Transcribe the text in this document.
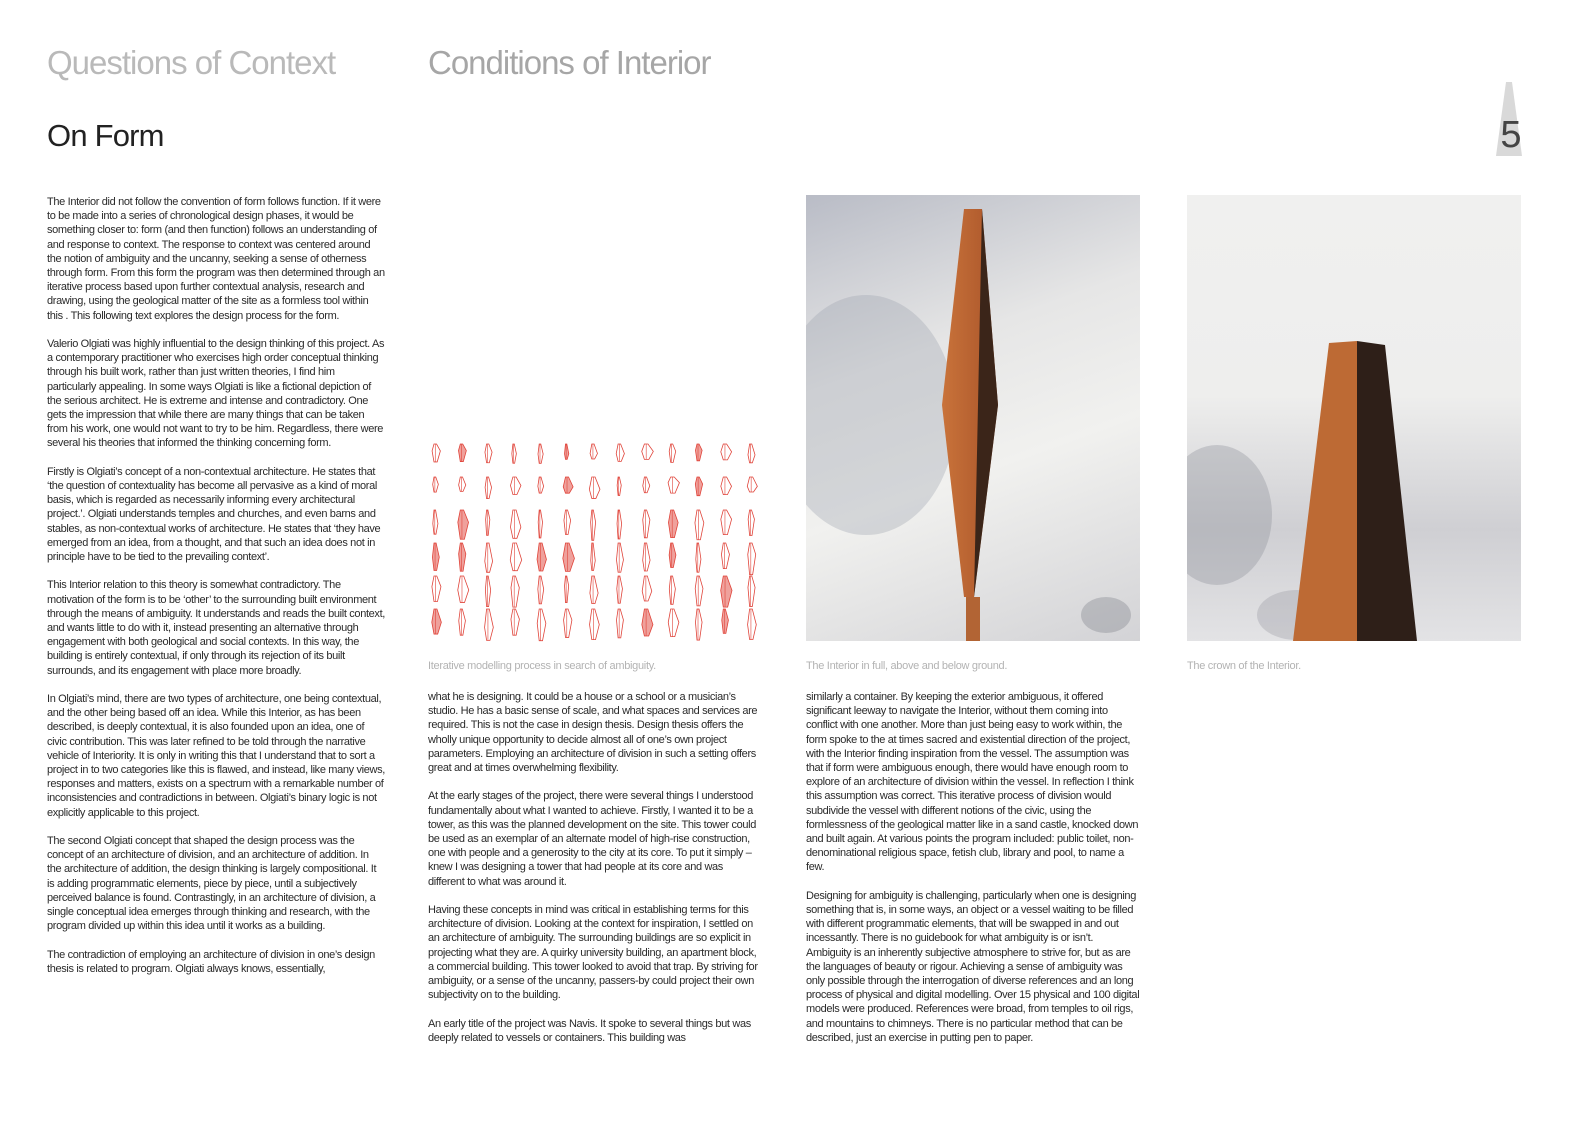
Questions of Context	Conditions of Interior
On Form	5

The Interior did not follow the convention of form follows function. If it were to be made into a series of chronological design phases, it would be something closer to: form (and then function) follows an understanding of and response to context. The response to context was centered around the notion of ambiguity and the uncanny, seeking a sense of otherness through form. From this form the program was then determined through an iterative process based upon further contextual analysis, research and drawing, using the geological matter of the site as a formless tool within this . This following text explores the design process for the form.

Valerio Olgiati was highly influential to the design thinking of this project. As a contemporary practitioner who exercises high order conceptual thinking through his built work, rather than just written theories, I find him particularly appealing. In some ways Olgiati is like a fictional depiction of the serious architect. He is extreme and intense and contradictory. One gets the impression that while there are many things that can be taken from his work, one would not want to try to be him. Regardless, there were several his theories that informed the thinking concerning form.

Firstly is Olgiati’s concept of a non-contextual architecture. He states that ‘the question of contextuality has become all pervasive as a kind of moral basis, which is regarded as necessarily informing every architectural project.’. Olgiati understands temples and churches, and even barns and stables, as non-contextual works of architecture. He states that ‘they have emerged from an idea, from a thought, and that such an idea does not in principle have to be tied to the prevailing context’.

This Interior relation to this theory is somewhat contradictory. The motivation of the form is to be ‘other’ to the surrounding built environment through the means of ambiguity. It understands and reads the built context, and wants little to do with it, instead presenting an alternative through engagement with both geological and social contexts. In this way, the building is entirely contextual, if only through its rejection of its built surrounds, and its engagement with place more broadly.

In Olgiati’s mind, there are two types of architecture, one being contextual, and the other being based off an idea. While this Interior, as has been described, is deeply contextual, it is also founded upon an idea, one of civic contribution. This was later refined to be told through the narrative vehicle of Interiority. It is only in writing this that I understand that to sort a project in to two categories like this is flawed, and instead, like many views, responses and matters, exists on a spectrum with a remarkable number of inconsistencies and contradictions in between. Olgiati’s binary logic is not explicitly applicable to this project.

The second Olgiati concept that shaped the design process was the concept of an architecture of division, and an architecture of addition. In the architecture of addition, the design thinking is largely compositional. It is adding programmatic elements, piece by piece, until a subjectively perceived balance is found. Contrastingly, in an architecture of division, a single conceptual idea emerges through thinking and research, with the program divided up within this idea until it works as a building.

The contradiction of employing an architecture of division in one’s design thesis is related to program. Olgiati always knows, essentially,

Iterative modelling process in search of ambiguity.	The Interior in full, above and below ground.	The crown of the Interior.

what he is designing. It could be a house or a school or a musician’s studio. He has a basic sense of scale, and what spaces and services are required. This is not the case in design thesis. Design thesis offers the wholly unique opportunity to decide almost all of one’s own project parameters. Employing an architecture of division in such a setting offers great and at times overwhelming flexibility.

At the early stages of the project, there were several things I understood fundamentally about what I wanted to achieve. Firstly, I wanted it to be a tower, as this was the planned development on the site. This tower could be used as an exemplar of an alternate model of high-rise construction, one with people and a generosity to the city at its core. To put it simply – knew I was designing a tower that had people at its core and was different to what was around it.

Having these concepts in mind was critical in establishing terms for this architecture of division. Looking at the context for inspiration, I settled on an architecture of ambiguity. The surrounding buildings are so explicit in projecting what they are. A quirky university building, an apartment block, a commercial building. This tower looked to avoid that trap. By striving for ambiguity, or a sense of the uncanny, passers-by could project their own subjectivity on to the building.

An early title of the project was Navis. It spoke to several things but was deeply related to vessels or containers. This building was

similarly a container. By keeping the exterior ambiguous, it offered significant leeway to navigate the Interior, without them coming into conflict with one another. More than just being easy to work within, the form spoke to the at times sacred and existential direction of the project, with the Interior finding inspiration from the vessel. The assumption was that if form were ambiguous enough, there would have enough room to explore of an architecture of division within the vessel. In reflection I think this assumption was correct. This iterative process of division would subdivide the vessel with different notions of the civic, using the formlessness of the geological matter like in a sand castle, knocked down and built again. At various points the program included: public toilet, non-denominational religious space, fetish club, library and pool, to name a few.

Designing for ambiguity is challenging, particularly when one is designing something that is, in some ways, an object or a vessel waiting to be filled with different programmatic elements, that will be swapped in and out incessantly. There is no guidebook for what ambiguity is or isn’t. Ambiguity is an inherently subjective atmosphere to strive for, but as are the languages of beauty or rigour. Achieving a sense of ambiguity was only possible through the interrogation of diverse references and an long process of physical and digital modelling. Over 15 physical and 100 digital models were produced. References were broad, from temples to oil rigs, and mountains to chimneys. There is no particular method that can be described, just an exercise in putting pen to paper.
